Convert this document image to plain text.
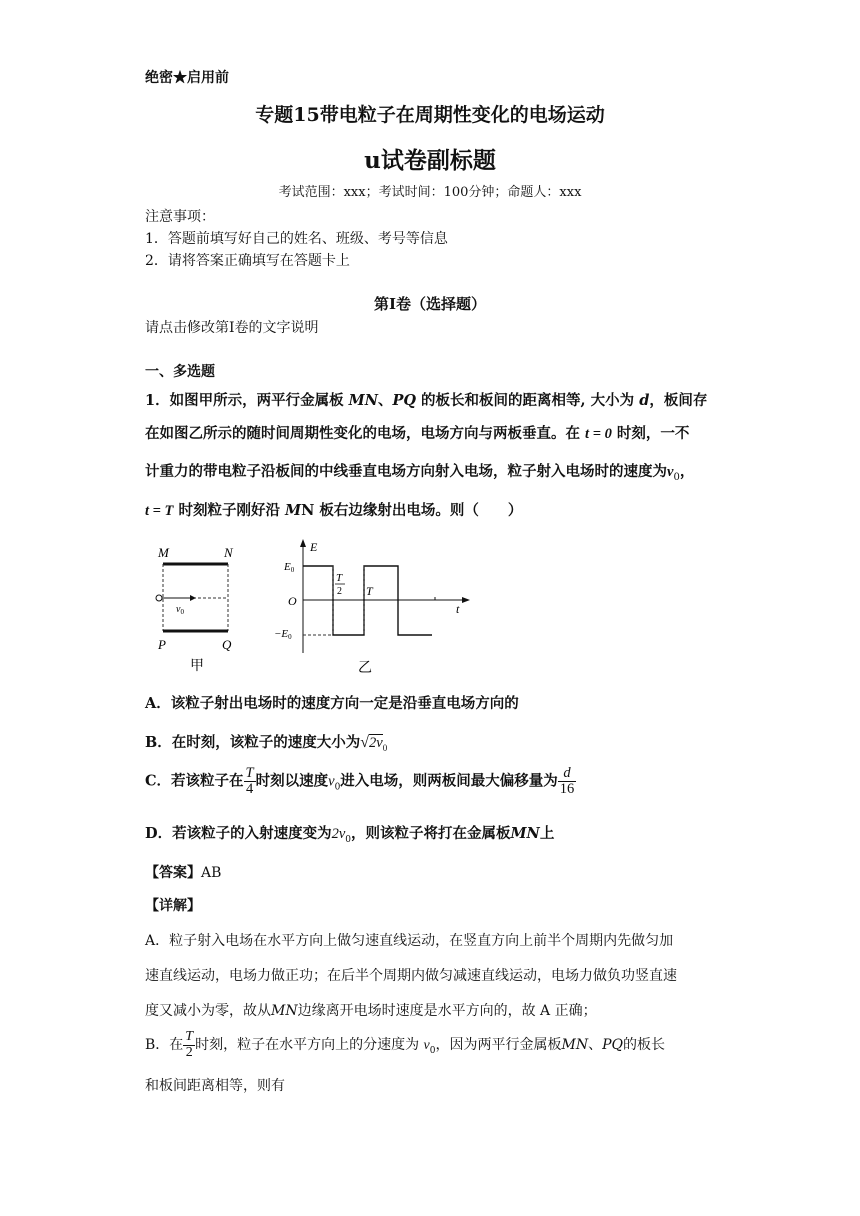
绝密★启用前
专题15带电粒子在周期性变化的电场运动
u试卷副标题
考试范围：xxx；考试时间：100分钟；命题人：xxx
注意事项：
1．答题前填写好自己的姓名、班级、考号等信息
2．请将答案正确填写在答题卡上
第I卷（选择题）
请点击修改第I卷的文字说明
一、多选题
1．如图甲所示，两平行金属板 MN、PQ 的板长和板间的距离相等, 大小为 d，板间存
在如图乙所示的随时间周期性变化的电场，电场方向与两板垂直。在 t = 0 时刻，一不
计重力的带电粒子沿板间的中线垂直电场方向射入电场，粒子射入电场时的速度为$v_0$，
t = T 时刻粒子刚好沿 MN 板右边缘射出电场。则（　　）
M	N
$v_0$
P	Q
甲
E
t
E0
O
−E0
T
2 T
乙
A．该粒子射出电场时的速度方向一定是沿垂直电场方向的
B．在时刻，该粒子的速度大小为$√2v_0$
C．若该粒子在 $\frac{T}{4}$ 时刻以速度$v_0$进入电场，则两板间最大偏移量为 $\frac{d}{16}$
D．若该粒子的入射速度变为$2v_0$，则该粒子将打在金属板MN上
【答案】AB
【详解】
A．粒子射入电场在水平方向上做匀速直线运动，在竖直方向上前半个周期内先做匀加
速直线运动，电场力做正功；在后半个周期内做匀减速直线运动，电场力做负功竖直速
度又减小为零，故从MN边缘离开电场时速度是水平方向的，故 A 正确；
B．在 $\frac{T}{2}$ 时刻，粒子在水平方向上的分速度为 $v_0$，因为两平行金属板MN、PQ的板长
和板间距离相等，则有
